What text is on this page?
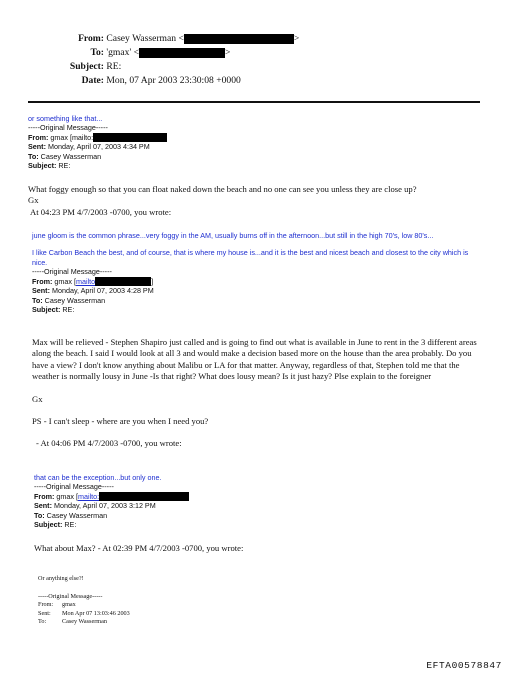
From: Casey Wasserman <	>
To: 'gmax' <	>
Subject: RE:
Date: Mon, 07 Apr 2003 23:30:08 +0000
or something like that...
-----Original Message-----
From: gmax [mailto:
Sent: Monday, April 07, 2003 4:34 PM
To: Casey Wasserman
Subject: RE:
What foggy enough so that you can float naked down the beach and no one can see you unless they are close up?
Gx
At 04:23 PM 4/7/2003 -0700, you wrote:
june gloom is the common phrase...very foggy in the AM, usually burns off in the afternoon...but still in the high 70's, low 80's...
I like Carbon Beach the best, and of course, that is where my house is...and it is the best and nicest beach and closest to the city which is nice.
-----Original Message-----
From: gmax [mailto	]
Sent: Monday, April 07, 2003 4:28 PM
To: Casey Wasserman
Subject: RE:
Max will be relieved - Stephen Shapiro just called and is going to find out what is available in June to rent in the 3 different areas along the beach. I said I would look at all 3 and would make a decision based more on the house than the area probably. Do you have a view? I don't know anything about Malibu or LA for that matter. Anyway, regardless of that, Stephen told me that the weather is normally lousy in June -Is that right? What does lousy mean? Is it just hazy? Plse explain to the foreigner
Gx
PS - I can't sleep - where are you when I need you?
- At 04:06 PM 4/7/2003 -0700, you wrote:
that can be the exception...but only one.
-----Original Message-----
From: gmax [mailto:
Sent: Monday, April 07, 2003 3:12 PM
To: Casey Wasserman
Subject: RE:
What about Max? - At 02:39 PM 4/7/2003 -0700, you wrote:
Or anything else?!
-----Original Message-----
From: gmax
Sent: Mon Apr 07 13:03:46 2003
To:	Casey Wasserman
EFTA00578847
